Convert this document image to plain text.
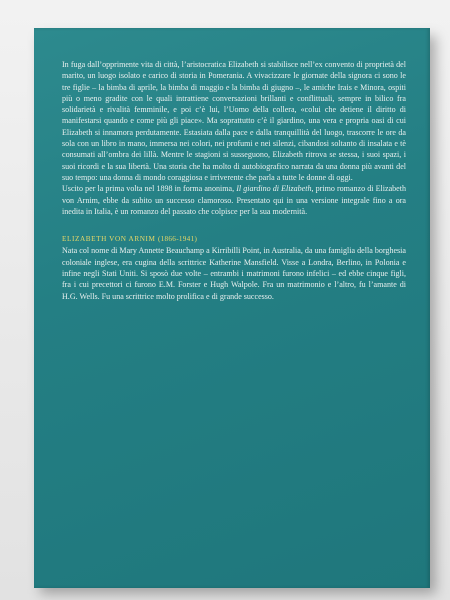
In fuga dall’opprimente vita di città, l’aristocratica Elizabeth si stabilisce nell’ex convento di proprietà del marito, un luogo isolato e carico di storia in Pomerania. A vivacizzare le giornate della signora ci sono le tre figlie – la bimba di aprile, la bimba di maggio e la bimba di giugno –, le amiche Irais e Minora, ospiti più o meno gradite con le quali intrattiene conversazioni brillanti e conflittuali, sempre in bilico fra solidarietà e rivalità femminile, e poi c’è lui, l’Uomo della collera, «colui che detiene il diritto di manifestarsi quando e come più gli piace». Ma soprattutto c’è il giardino, una vera e propria oasi di cui Elizabeth si innamora perdutamente. Estasiata dalla pace e dalla tranquillità del luogo, trascorre le ore da sola con un libro in mano, immersa nei colori, nei profumi e nei silenzi, cibandosi soltanto di insalata e tè consumati all’ombra dei lillà. Mentre le stagioni si susseguono, Elizabeth ritrova se stessa, i suoi spazi, i suoi ricordi e la sua libertà. Una storia che ha molto di autobiografico narrata da una donna più avanti del suo tempo: una donna di mondo coraggiosa e irriverente che parla a tutte le donne di oggi.

Uscito per la prima volta nel 1898 in forma anonima, Il giardino di Elizabeth, primo romanzo di Elizabeth von Arnim, ebbe da subito un successo clamoroso. Presentato qui in una versione integrale fino a ora inedita in Italia, è un romanzo del passato che colpisce per la sua modernità.

ELIZABETH VON ARNIM (1866-1941)

Nata col nome di Mary Annette Beauchamp a Kirribilli Point, in Australia, da una famiglia della borghesia coloniale inglese, era cugina della scrittrice Katherine Mansfield. Visse a Londra, Berlino, in Polonia e infine negli Stati Uniti. Si sposò due volte – entrambi i matrimoni furono infelici – ed ebbe cinque figli, fra i cui precettori ci furono E.M. Forster e Hugh Walpole. Fra un matrimonio e l’altro, fu l’amante di H.G. Wells. Fu una scrittrice molto prolifica e di grande successo.
